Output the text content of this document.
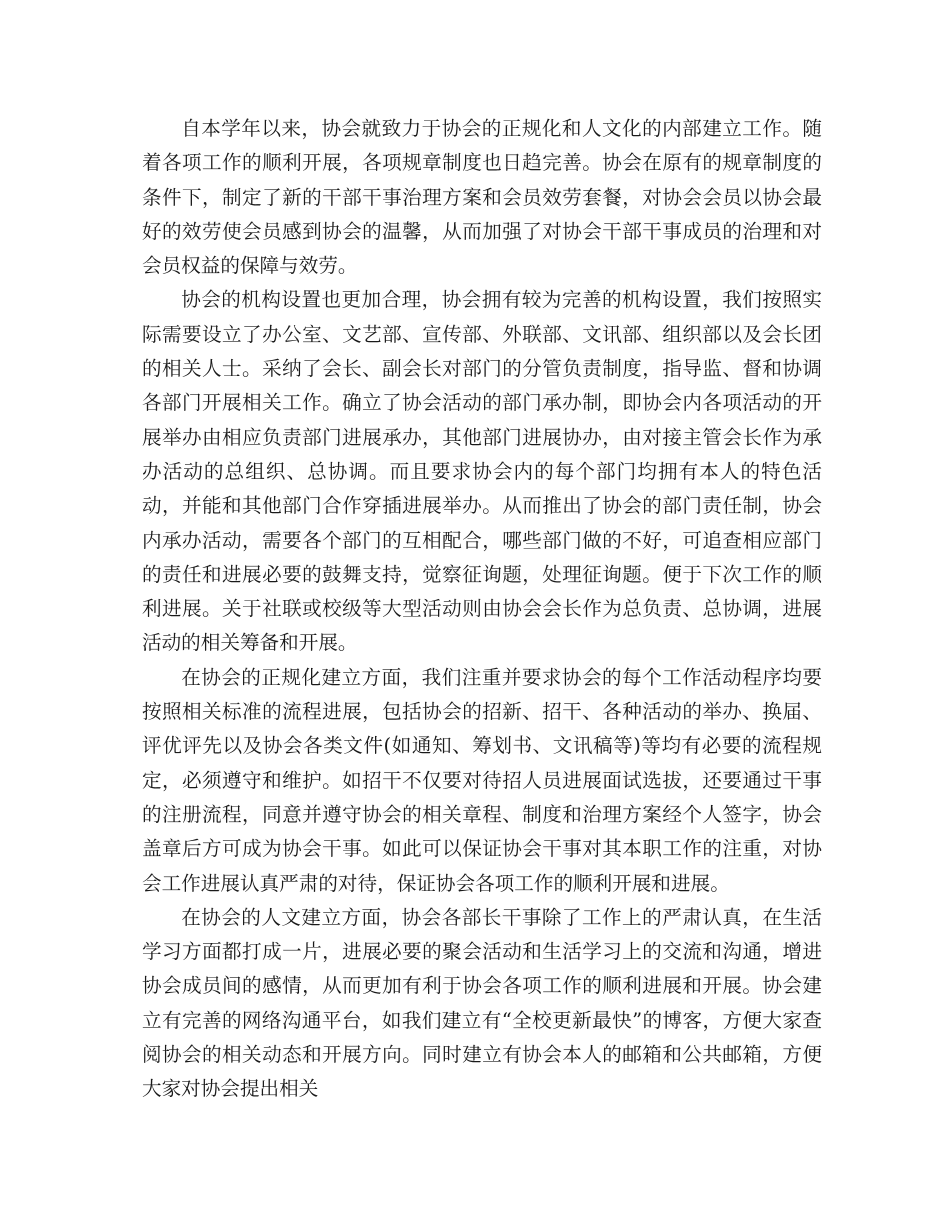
自本学年以来，协会就致力于协会的正规化和人文化的内部建立工作。随着各项工作的顺利开展，各项规章制度也日趋完善。协会在原有的规章制度的条件下，制定了新的干部干事治理方案和会员效劳套餐，对协会会员以协会最好的效劳使会员感到协会的温馨，从而加强了对协会干部干事成员的治理和对会员权益的保障与效劳。

协会的机构设置也更加合理，协会拥有较为完善的机构设置，我们按照实际需要设立了办公室、文艺部、宣传部、外联部、文讯部、组织部以及会长团的相关人士。采纳了会长、副会长对部门的分管负责制度，指导监、督和协调各部门开展相关工作。确立了协会活动的部门承办制，即协会内各项活动的开展举办由相应负责部门进展承办，其他部门进展协办，由对接主管会长作为承办活动的总组织、总协调。而且要求协会内的每个部门均拥有本人的特色活动，并能和其他部门合作穿插进展举办。从而推出了协会的部门责任制，协会内承办活动，需要各个部门的互相配合，哪些部门做的不好，可追查相应部门的责任和进展必要的鼓舞支持，觉察征询题，处理征询题。便于下次工作的顺利进展。关于社联或校级等大型活动则由协会会长作为总负责、总协调，进展活动的相关筹备和开展。

在协会的正规化建立方面，我们注重并要求协会的每个工作活动程序均要按照相关标准的流程进展，包括协会的招新、招干、各种活动的举办、换届、评优评先以及协会各类文件(如通知、筹划书、文讯稿等)等均有必要的流程规定，必须遵守和维护。如招干不仅要对待招人员进展面试选拔，还要通过干事的注册流程，同意并遵守协会的相关章程、制度和治理方案经个人签字，协会盖章后方可成为协会干事。如此可以保证协会干事对其本职工作的注重，对协会工作进展认真严肃的对待，保证协会各项工作的顺利开展和进展。

在协会的人文建立方面，协会各部长干事除了工作上的严肃认真，在生活学习方面都打成一片，进展必要的聚会活动和生活学习上的交流和沟通，增进协会成员间的感情，从而更加有利于协会各项工作的顺利进展和开展。协会建立有完善的网络沟通平台，如我们建立有“全校更新最快”的博客，方便大家查阅协会的相关动态和开展方向。同时建立有协会本人的邮箱和公共邮箱，方便大家对协会提出相关
